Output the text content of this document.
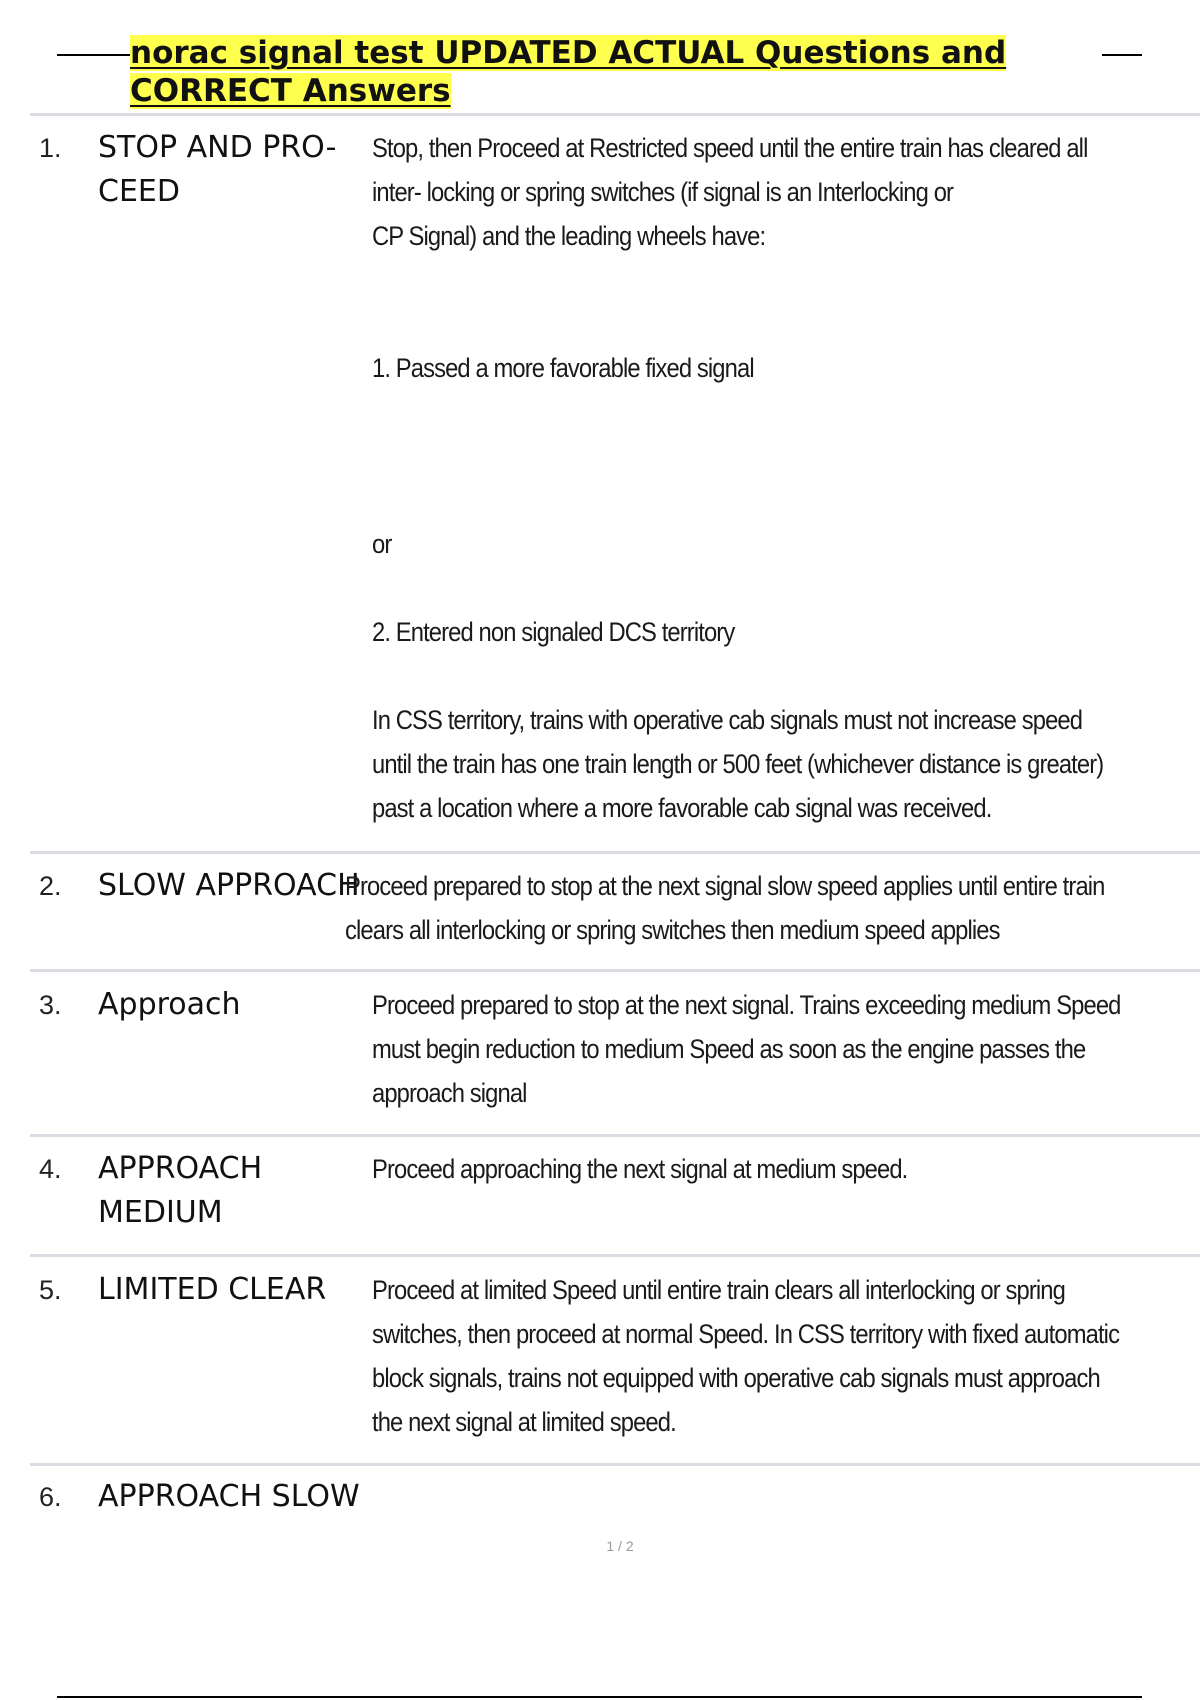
norac signal test UPDATED ACTUAL Questions and CORRECT Answers
1. STOP AND PRO- CEED
Stop, then Proceed at Restricted speed until the entire train has cleared all inter- locking or spring switches (if signal is an Interlocking or
CP Signal) and the leading wheels have:
1. Passed a more favorable fixed signal
or
2. Entered non signaled DCS territory
In CSS territory, trains with operative cab signals must not increase speed until the train has one train length or 500 feet (whichever distance is greater) past a location where a more favorable cab signal was received.
2. SLOW APPROACH
Proceed prepared to stop at the next signal slow speed applies until entire train clears all interlocking or spring switches then medium speed applies
3. Approach	Proceed prepared to stop at the next signal. Trains exceeding medium Speed must begin reduction to medium Speed as soon as the engine passes the approach signal
4. APPROACH MEDIUM
Proceed approaching the next signal at medium speed.
5. LIMITED CLEAR	Proceed at limited Speed until entire train clears all interlocking or spring switches, then proceed at normal Speed. In CSS territory with fixed automatic block signals, trains not equipped with operative cab signals must approach the next signal at limited speed.
6. APPROACH SLOW
1 / 2
